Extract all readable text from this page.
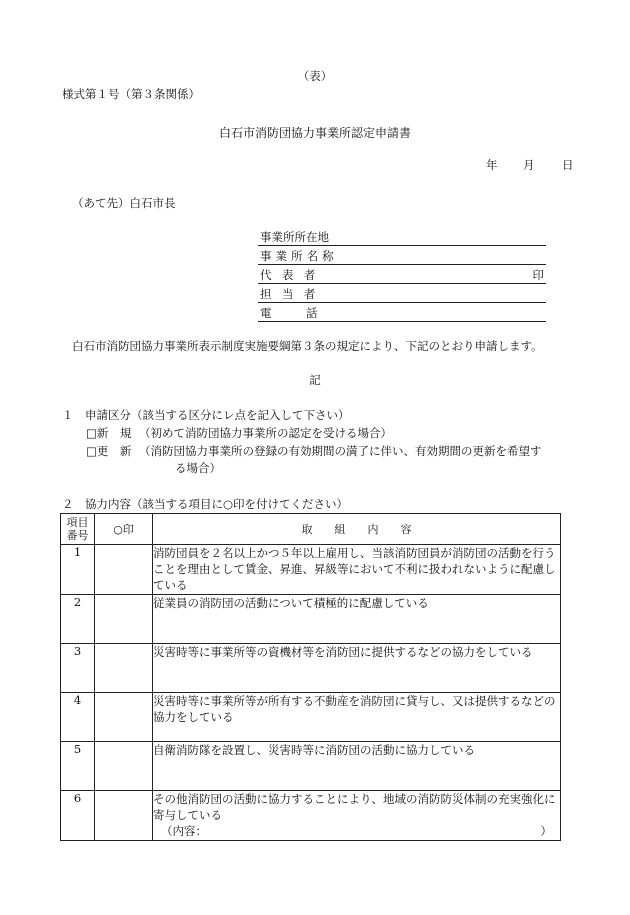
（表）
様式第１号（第３条関係）
白石市消防団協力事業所認定申請書
年 月 日
（あて先）白石市長
事業所所在地
事業所名称
代表者	印
担当者
電話
白石市消防団協力事業所表示制度実施要綱第３条の規定により、下記のとおり申請します。
記
１　申請区分（該当する区分にレ点を記入して下さい）
□新　規 （初めて消防団協力事業所の認定を受ける場合）
□更　新 （消防団協力事業所の登録の有効期間の満了に伴い、有効期間の更新を希望す
る場合）
２　協力内容（該当する項目に○印を付けてください）
項目
番号	○印	取　　組　　内　　容
1		消防団員を２名以上かつ５年以上雇用し、当該消防団員が消防団の活動を行うことを理由として賃金、昇進、昇級等において不利に扱われないように配慮している
2		従業員の消防団の活動について積極的に配慮している
3		災害時等に事業所等の資機材等を消防団に提供するなどの協力をしている
4		災害時等に事業所等が所有する不動産を消防団に貸与し、又は提供するなどの協力をしている
5		自衛消防隊を設置し、災害時等に消防団の活動に協力している
6		その他消防団の活動に協力することにより、地域の消防防災体制の充実強化に寄与している
（内容： ）
